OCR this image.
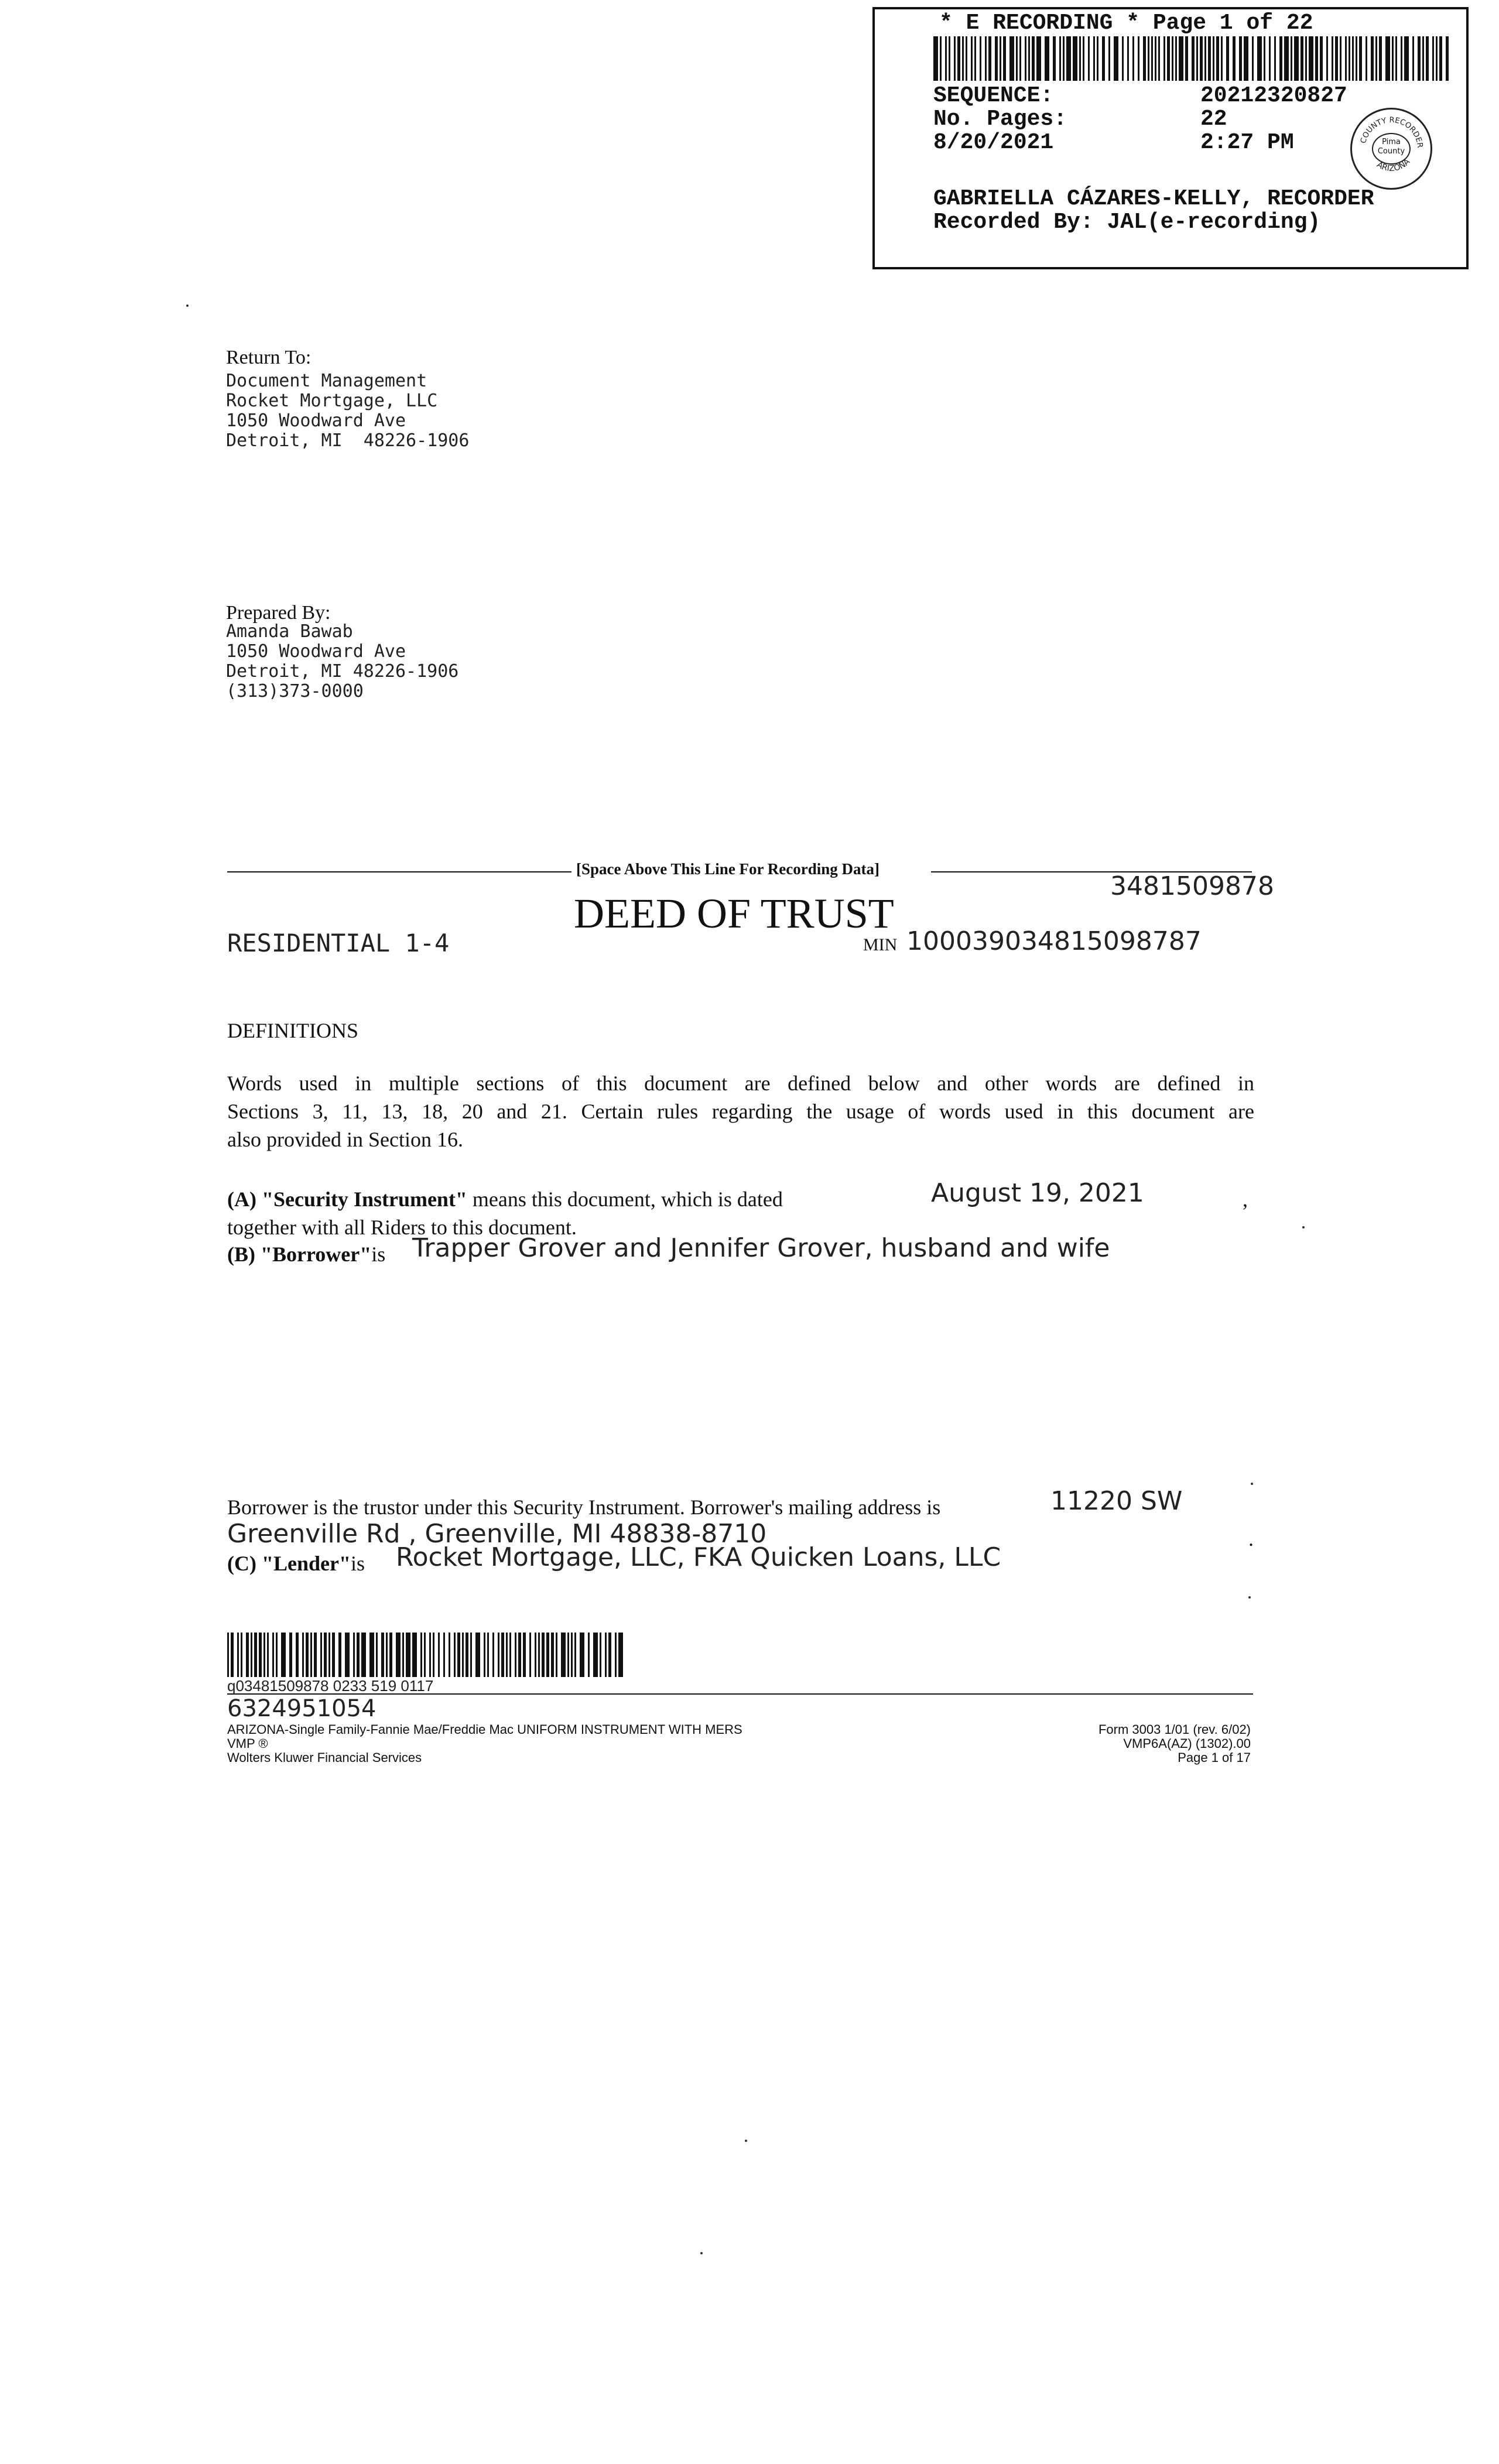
* E RECORDING * Page 1 of 22
SEQUENCE:	20212320827
No. Pages:	22
8/20/2021	2:27 PM	COUNTY RECORDER
ARIZONA
Pima County
GABRIELLA CÁZARES-KELLY, RECORDER
Recorded By: JAL(e-recording)
Return To:
Document Management
Rocket Mortgage, LLC
1050 Woodward Ave
Detroit, MI  48226-1906
Prepared By:
Amanda Bawab
1050 Woodward Ave
Detroit, MI 48226-1906
(313)373-0000
[Space Above This Line For Recording Data]
3481509878
DEED OF TRUST
RESIDENTIAL 1-4	MIN 100039034815098787
DEFINITIONS
Words used in multiple sections of this document are defined below and other words are defined in
Sections 3, 11, 13, 18, 20 and 21. Certain rules regarding the usage of words used in this document are
also provided in Section 16.
(A) "Security Instrument" means this document, which is dated	August 19, 2021	,
together with all Riders to this document.
(B) "Borrower"is Trapper Grover and Jennifer Grover, husband and wife
Borrower is the trustor under this Security Instrument. Borrower's mailing address is	11220 SW
Greenville Rd , Greenville, MI 48838-8710	.
(C) "Lender"is Rocket Mortgage, LLC, FKA Quicken Loans, LLC
q03481509878 0233 519 0117
6324951054
ARIZONA-Single Family-Fannie Mae/Freddie Mac UNIFORM INSTRUMENT WITH MERS
VMP ®
Wolters Kluwer Financial Services
Form 3003 1/01 (rev. 6/02)
VMP6A(AZ) (1302).00
Page 1 of 17
